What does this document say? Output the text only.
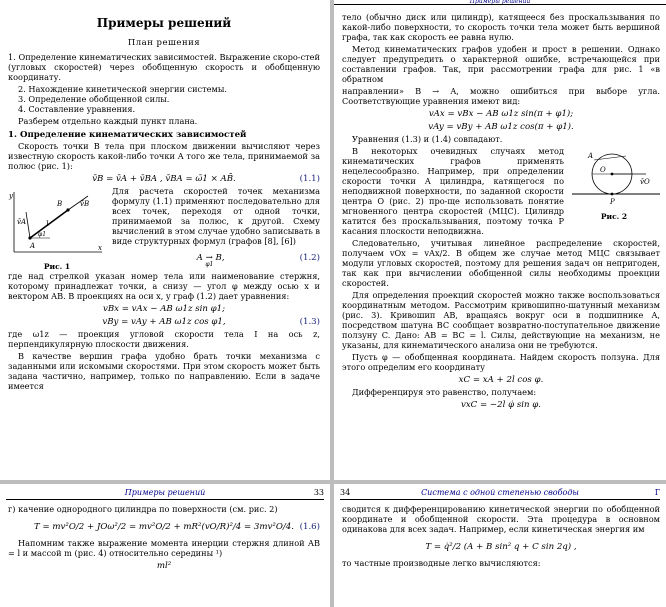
Примеры решений
План решения

1. Определение кинематических зависимостей. Выражение скоро-стей (угловых скоростей) через обобщенную скорость и обобщенную координату.

2. Нахождение кинетической энергии системы.

3. Определение обобщенной силы.

4. Составление уравнения.

Разберем отдельно каждый пункт плана.

1. Определение кинематических зависимостей

Скорость точки B тела при плоском движении вычисляют через известную скорость какой-либо точки A того же тела, принимаемой за полюс (рис. 1):

v̄B = v̄A + v̄BA , v̄BA = ω̄1 × AB̄.	(1.1)
y
B	v̄B
v̄A
A
I
φ1
x
Рис. 1

Для расчета скоростей точек механизма формулу (1.1) применяют последовательно для всех точек, переходя от одной точки, принимаемой за полюс, к другой. Схему вычислений в этом случае удобно записывать в виде структурных формул (графов [8], [6])

A → B, $_{\varphi 1}$
(1.2)

где над стрелкой указан номер тела или наименование стержня, которому принадлежат точки, а снизу — угол φ между осью x и вектором AB. В проекциях на оси x, y граф (1.2) дает уравнения:

vBx = vAx − AB ω1z sin φ1;
vBy = vAy + AB ω1z cos φ1,	(1.3)

где ω1z — проекция угловой скорости тела I на ось z, перпендикулярную плоскости движения.

В качестве вершин графа удобно брать точки механизма с заданными или искомыми скоростями. При этом скорость может быть задана частично, например, только по направлению. Если в задаче имеется

Примеры решений

тело (обычно диск или цилиндр), катящееся без проскальзывания по какой-либо поверхности, то скорость точки тела может быть вершиной графа, так как скорость ее равна нулю.

Метод кинематических графов удобен и прост в решении. Однако следует предупредить о характерной ошибке, встречающейся при составлении графов. Так, при рассмотрении графа для рис. 1 «в обратном

направлении» B → A, можно ошибиться при выборе угла. Соответствующие уравнения имеют вид:

vAx = vBx − AB ω1z sin(π + φ1);
vAy = vBy + AB ω1z cos(π + φ1).

Уравнения (1.3) и (1.4) совпадают.

В некоторых очевидных случаях метод кинематических графов применять нецелесообразно. Например, при определении скорости точки A цилиндра, катящегося по неподвижной поверхности, по заданной скорости центра O (рис. 2) про-ще использовать понятие мгновенного центра скоростей (МЦС). Цилиндр катится без проскальзывания, поэтому точка P касания плоскости неподвижна.

A
O
v̄O
P
Рис. 2

Следовательно, учитывая линейное распределение скоростей, получаем vOx = vAx/2. В общем же случае метод МЦС связывает модули угловых скоростей, поэтому для решения задач он непригоден, так как при вычислении обобщенной силы необходимы проекции скоростей.

Для определения проекций скоростей можно также воспользоваться координатным методом. Рассмотрим кривошипно-шатунный механизм (рис. 3). Кривошип AB, вращаясь вокруг оси в подшипнике A, посредством шатуна BC сообщает возвратно-поступательное движение ползуну C. Дано: AB = BC = l. Силы, действующие на механизм, не указаны, для кинематического анализа они не требуются.

Пусть φ — обобщенная координата. Найдем скорость ползуна. Для этого определим его координату

xC = xA + 2l cos φ.

Дифференцируя это равенство, получаем:

vxC = −2l φ̇ sin φ.
Примеры решений	33

г) качение однородного цилиндра по поверхности (см. рис. 2)

T = mv²O/2 + JOω²/2 = mv²O/2 + mR²(vO/R)²/4 = 3mv²O/4. (1.6)

Напомним также выражение момента инерции стержня длиной AB = l и массой m (рис. 4) относительно середины ¹)

ml²
34	Система с одной степенью свободы	Г

сводится к дифференцированию кинетической энергии по обобщенной координате и обобщенной скорости. Эта процедура в основном одинакова для всех задач. Например, если кинетическая энергия им

T = q̇²/2 (A + B sin² q + C sin 2q) ,

то частные производные легко вычисляются:
